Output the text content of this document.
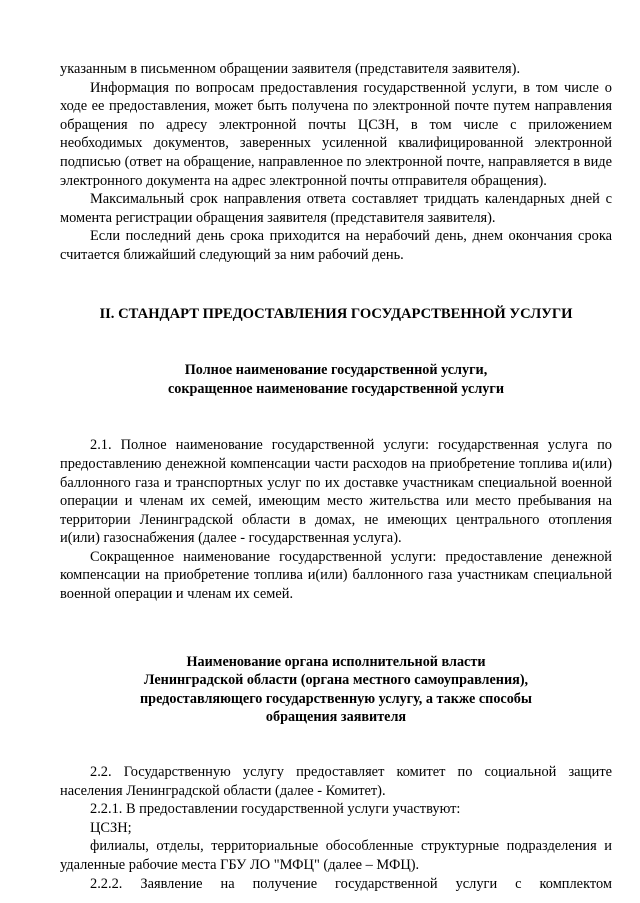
указанным в письменном обращении заявителя (представителя заявителя).

Информация по вопросам предоставления государственной услуги, в том числе о ходе ее предоставления, может быть получена по электронной почте путем направления обращения по адресу электронной почты ЦСЗН, в том числе с приложением необходимых документов, заверенных усиленной квалифицированной электронной подписью (ответ на обращение, направленное по электронной почте, направляется в виде электронного документа на адрес электронной почты отправителя обращения).

Максимальный срок направления ответа составляет тридцать календарных дней с момента регистрации обращения заявителя (представителя заявителя).

Если последний день срока приходится на нерабочий день, днем окончания срока считается ближайший следующий за ним рабочий день.

II. СТАНДАРТ ПРЕДОСТАВЛЕНИЯ ГОСУДАРСТВЕННОЙ УСЛУГИ
Полное наименование государственной услуги,
сокращенное наименование государственной услуги

2.1. Полное наименование государственной услуги: государственная услуга по предоставлению денежной компенсации части расходов на приобретение топлива и(или) баллонного газа и транспортных услуг по их доставке участникам специальной военной операции и членам их семей, имеющим место жительства или место пребывания на территории Ленинградской области в домах, не имеющих центрального отопления и(или) газоснабжения (далее - государственная услуга).

Сокращенное наименование государственной услуги: предоставление денежной компенсации на приобретение топлива и(или) баллонного газа участникам специальной военной операции и членам их семей.

Наименование органа исполнительной власти
Ленинградской области (органа местного самоуправления),
предоставляющего государственную услугу, а также способы
обращения заявителя

2.2. Государственную услугу предоставляет комитет по социальной защите населения Ленинградской области (далее - Комитет).

2.2.1. В предоставлении государственной услуги участвуют:

ЦСЗН;

филиалы, отделы, территориальные обособленные структурные подразделения и удаленные рабочие места ГБУ ЛО "МФЦ" (далее – МФЦ).

2.2.2. Заявление на получение государственной услуги с комплектом
